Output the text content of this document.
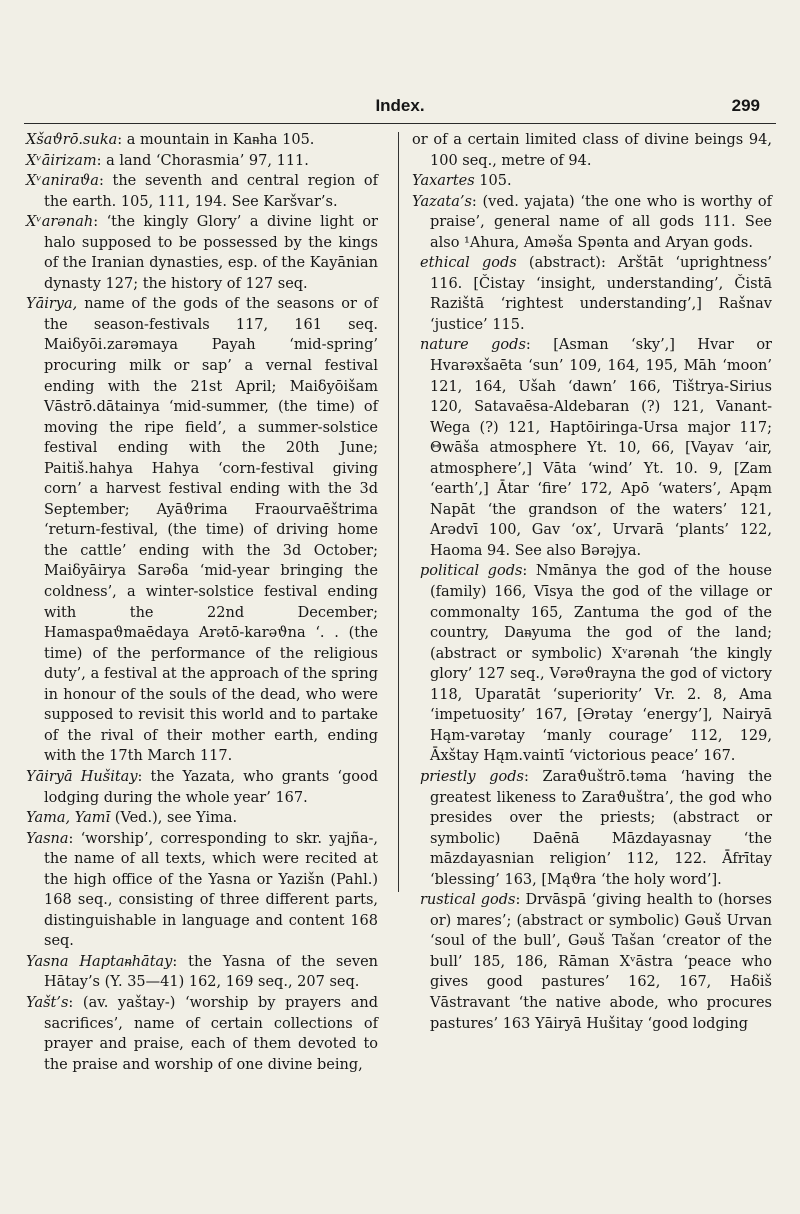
Index.	299

Xšaϑrō.suka: a mountain in Kaᵰha 105.

Xᵛāirizam: a land ‘Chorasmia’ 97, 111.

Xᵛaniraϑa: the seventh and central region of the earth. 105, 111, 194. See Karšvar’s.

Xᵛarənah: ‘the kingly Glory’ a divine light or halo supposed to be possessed by the kings of the Iranian dynasties, esp. of the Kayānian dynasty 127; the history of 127 seq.

Yāirya, name of the gods of the seasons or of the season-festivals 117, 161 seq. Maiδyōi.zarəmaya Payah ‘mid-spring’ procuring milk or sap’ a vernal festival ending with the 21st April; Maiδyōišam Vāstrō.dātainya ‘mid-summer, (the time) of moving the ripe field’, a summer-solstice festival ending with the 20th June; Paitiš.hahya Hahya ‘corn-festival giving corn’ a harvest festival ending with the 3d September; Ayāϑrima Fraourvaēštrima ‘return-festival, (the time) of driving home the cattle’ ending with the 3d October; Maiδyāirya Sarəδa ‘mid-year bringing the coldness’, a winter-solstice festival ending with the 22nd December; Hamaspaϑmaēdaya Arətō-karəϑna ‘. . (the time) of the performance of the religious duty’, a festival at the approach of the spring in honour of the souls of the dead, who were supposed to revisit this world and to partake of the rival of their mother earth, ending with the 17th March 117.

Yāiryā Hušitay: the Yazata, who grants ‘good lodging during the whole year’ 167.

Yama, Yamī (Ved.), see Yima.

Yasna: ‘worship’, corresponding to skr. yajña-, the name of all texts, which were recited at the high office of the Yasna or Yazišn (Pahl.) 168 seq., consisting of three different parts, distinguishable in language and content 168 seq.

Yasna Haptaᵰhātay: the Yasna of the seven Hātay’s (Y. 35—41) 162, 169 seq., 207 seq.

Yašt’s: (av. yaštay-) ‘worship by prayers and sacrifices’, name of certain collections of prayer and praise, each of them devoted to the praise and worship of one divine being,

or of a certain limited class of divine beings 94, 100 seq., metre of 94.

Yaxartes 105.

Yazata’s: (ved. yajata) ‘the one who is worthy of praise’, general name of all gods 111. See also ¹Ahura, Aməša Spənta and Aryan gods.

ethical gods (abstract): Arštāt ‘uprightness’ 116. [Čistay ‘insight, understanding’, Čistā Razištā ‘rightest understanding’,] Rašnav ‘justice’ 115.

nature gods: [Asman ‘sky’,] Hvar or Hvarəxšaēta ‘sun’ 109, 164, 195, Māh ‘moon’ 121, 164, Ušah ‘dawn’ 166, Tištrya-Sirius 120, Satavaēsa-Aldebaran (?) 121, Vanant-Wega (?) 121, Haptōiringa-Ursa major 117; Θwāša atmosphere Yt. 10, 66, [Vayav ‘air, atmosphere’,] Vāta ‘wind’ Yt. 10. 9, [Zam ‘earth’,] Ātar ‘fire’ 172, Apō ‘waters’, Apąm Napāt ‘the grandson of the waters’ 121, Arədvī 100, Gav ‘ox’, Urvarā ‘plants’ 122, Haoma 94. See also Bərəjya.

political gods: Nmānya the god of the house (family) 166, Vīsya the god of the village or commonalty 165, Zantuma the god of the country, Daᵰyuma the god of the land; (abstract or symbolic) Xᵛarənah ‘the kingly glory’ 127 seq., Vərəϑrayna the god of victory 118, Uparatāt ‘superiority’ Vr. 2. 8, Ama ‘impetuosity’ 167, [Ərətay ‘energy’], Nairyā Hąm-varətay ‘manly courage’ 112, 129, Āxštay Hąm.vaintī ‘victorious peace’ 167.

priestly gods: Zaraϑuštrō.təma ‘having the greatest likeness to Zaraϑuštra’, the god who presides over the priests; (abstract or symbolic) Daēnā Māzdayasnay ‘the māzdayasnian religion’ 112, 122. Āfrītay ‘blessing’ 163, [Mąϑra ‘the holy word’].

rustical gods: Drvāspā ‘giving health to (horses or) mares’; (abstract or symbolic) Gəuš Urvan ‘soul of the bull’, Gəuš Tašan ‘creator of the bull’ 185, 186, Rāman Xᵛāstra ‘peace who gives good pastures’ 162, 167, Haδiš Vāstravant ‘the native abode, who procures pastures’ 163 Yāiryā Hušitay ‘good lodging
